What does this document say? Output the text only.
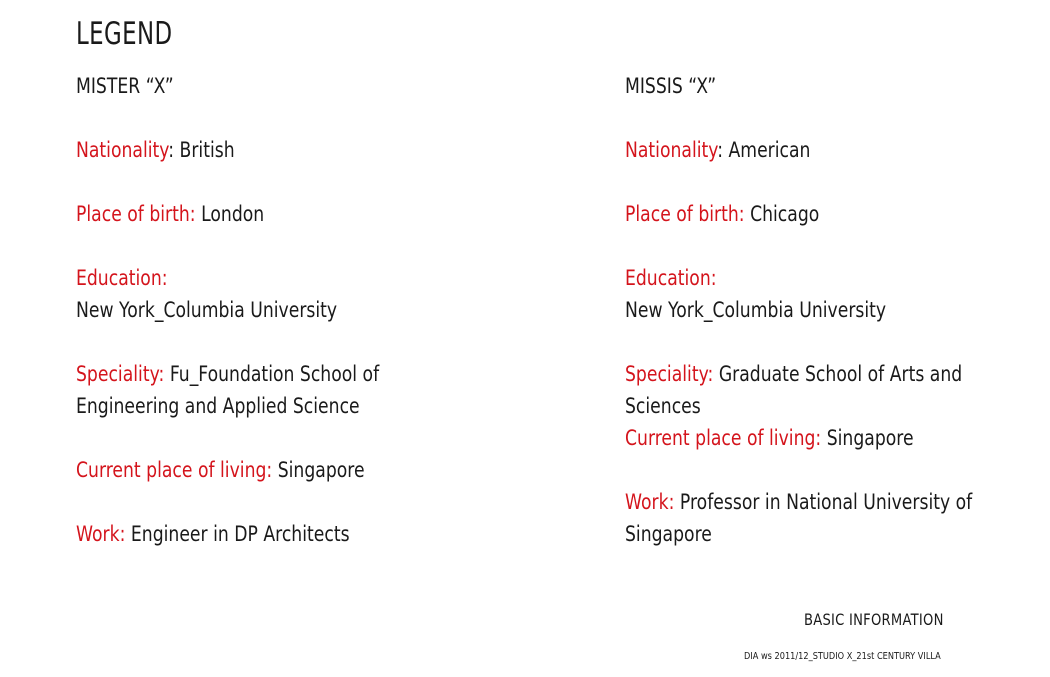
LEGEND
MISTER “X”
Nationality: British
Place of birth: London
Education:
New York_Columbia University
Speciality: Fu_Foundation School of Engineering and Applied Science
Current place of living: Singapore
Work: Engineer in DP Architects
MISSIS “X”
Nationality: American
Place of birth: Chicago
Education:
New York_Columbia University
Speciality: Graduate School of Arts and Sciences
Current place of living: Singapore
Work: Professor in National University of Singapore
BASIC INFORMATION
DIA ws 2011/12_STUDIO X_21st CENTURY VILLA
